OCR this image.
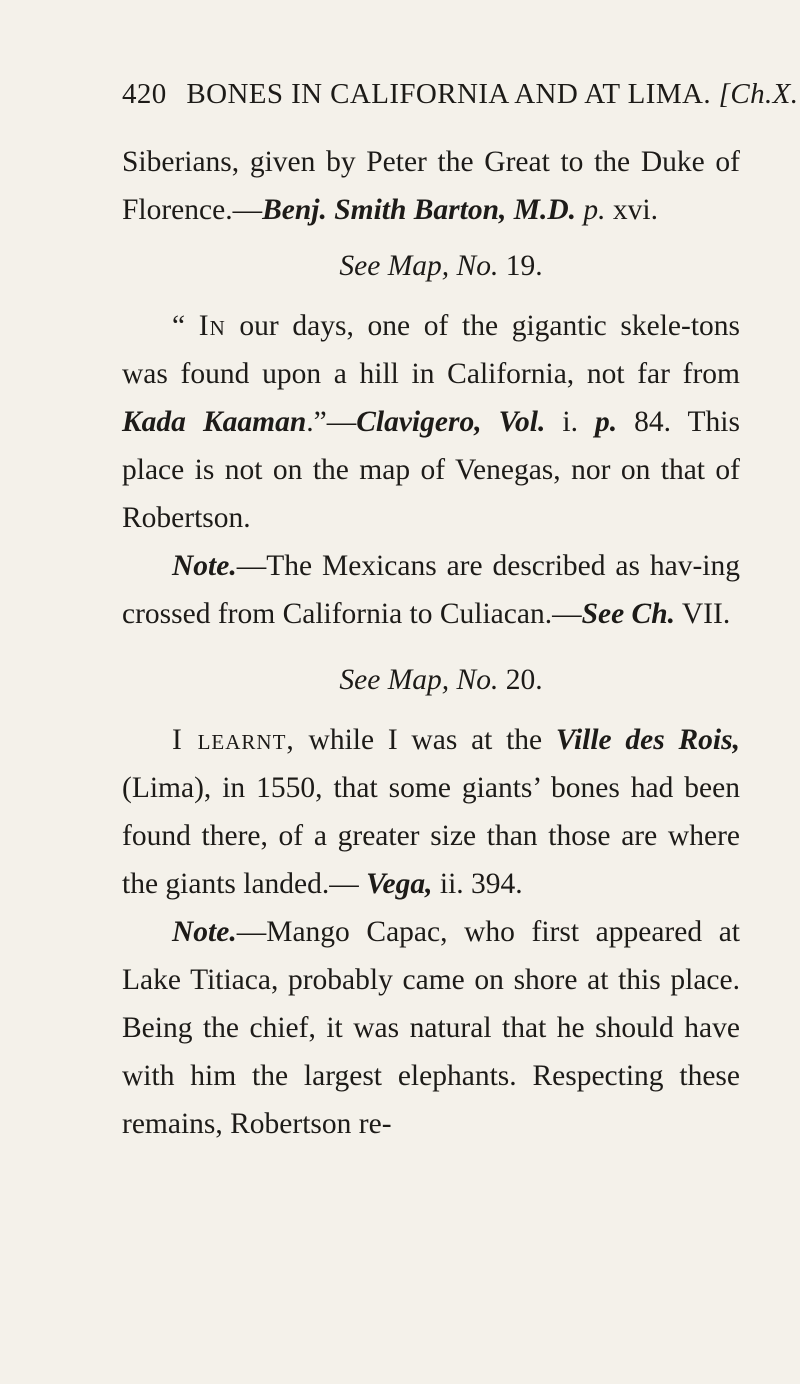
420 BONES IN CALIFORNIA AND AT LIMA. [Ch.X.

Siberians, given by Peter the Great to the Duke of Florence.—Benj. Smith Barton, M.D. p. xvi.

See Map, No. 19.

“ In our days, one of the gigantic skele-tons was found upon a hill in California, not far from Kada Kaaman.”—Clavigero, Vol. i. p. 84. This place is not on the map of Venegas, nor on that of Robertson.

Note.—The Mexicans are described as hav-ing crossed from California to Culiacan.—See Ch. VII.

See Map, No. 20.

I learnt, while I was at the Ville des Rois, (Lima), in 1550, that some giants’ bones had been found there, of a greater size than those are where the giants landed.— Vega, ii. 394.

Note.—Mango Capac, who first appeared at Lake Titiaca, probably came on shore at this place. Being the chief, it was natural that he should have with him the largest elephants. Respecting these remains, Robertson re-
